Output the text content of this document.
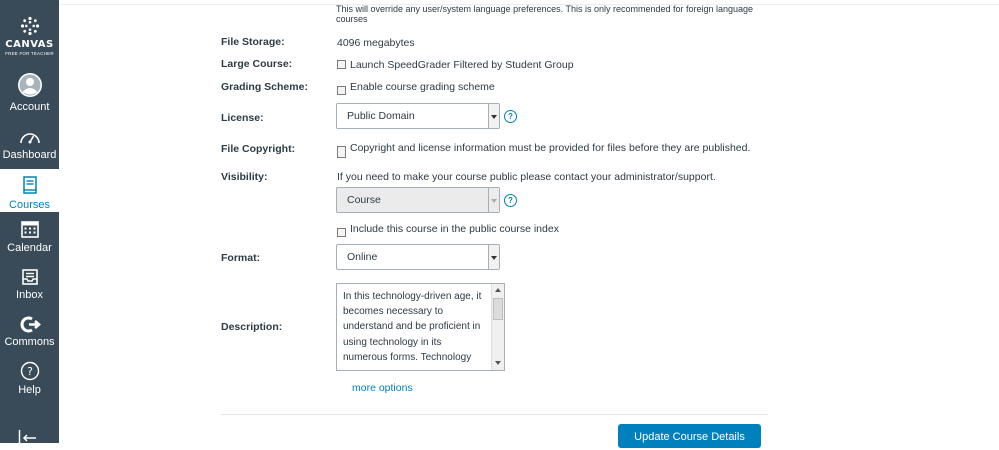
CANVAS
FREE FOR TEACHER
Account
Dashboard
Courses
Calendar
Inbox
Commons
?
Help
This will override any user/system language preferences. This is only recommended for foreign language courses
File Storage:	4096 megabytes
Large Course:	Launch SpeedGrader Filtered by Student Group
Grading Scheme:	Enable course grading scheme
License:	Public Domain	?
File Copyright:	Copyright and license information must be provided for files before they are published.
Visibility:	If you need to make your course public please contact your administrator/support.
Course	?
Include this course in the public course index
Format:	Online
Description:
In this technology-driven age, it becomes necessary to understand and be proficient in using technology in its numerous forms. Technology
more options
Update Course Details
